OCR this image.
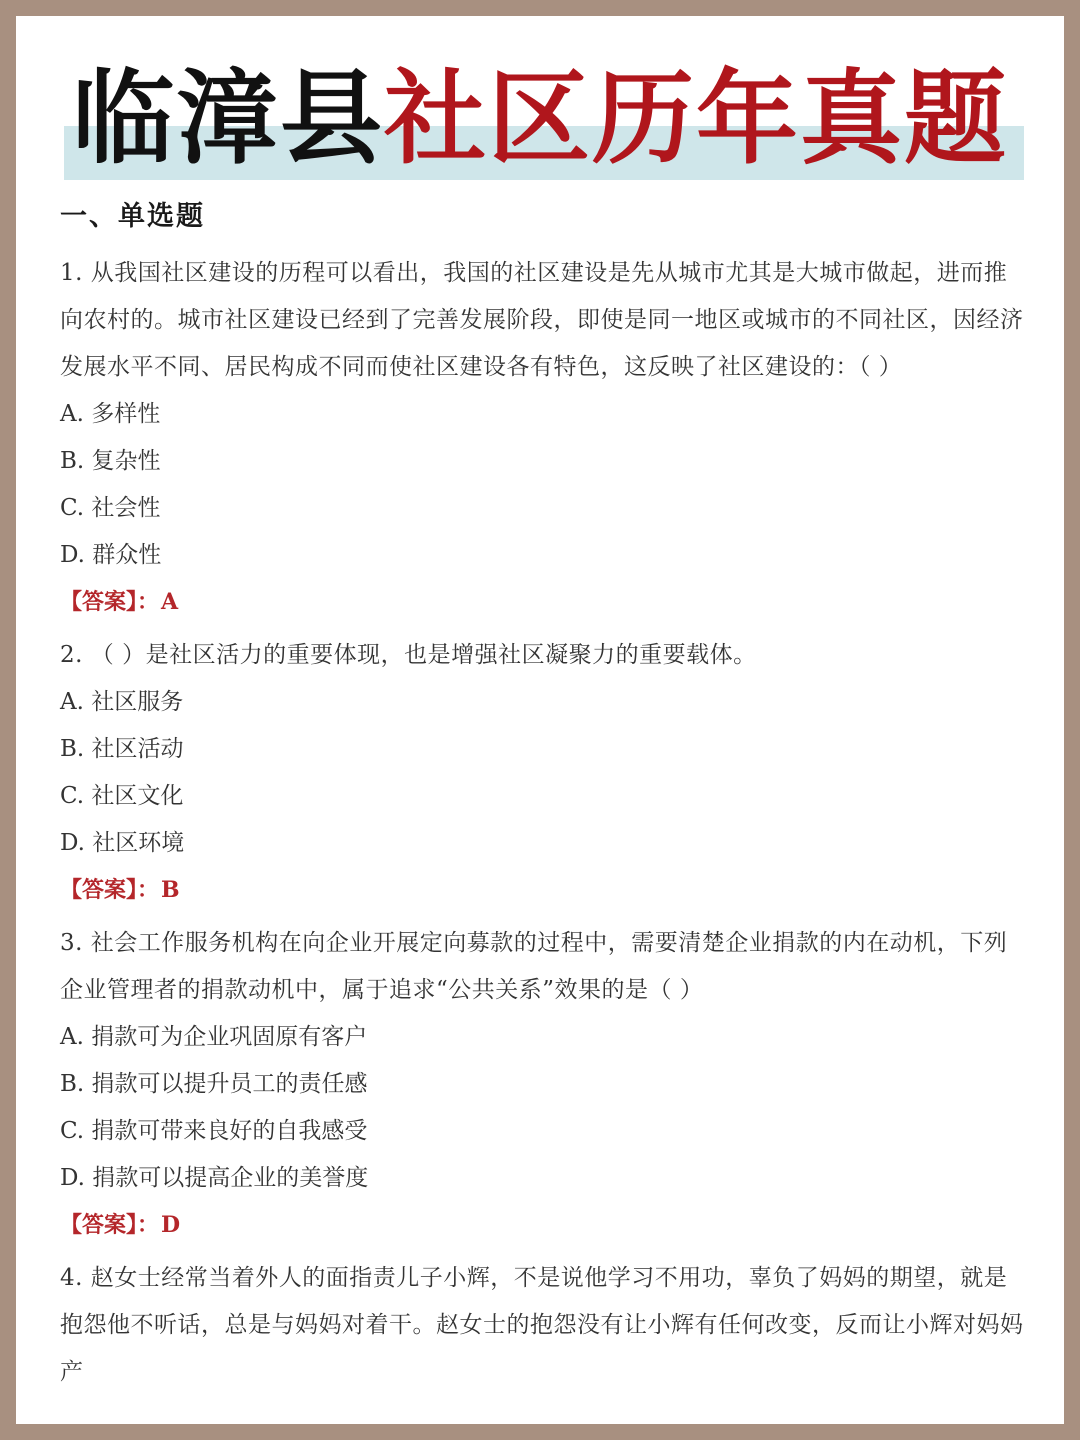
临漳县社区历年真题
一、单选题
1. 从我国社区建设的历程可以看出，我国的社区建设是先从城市尤其是大城市做起，进而推向农村的。城市社区建设已经到了完善发展阶段，即使是同一地区或城市的不同社区，因经济发展水平不同、居民构成不同而使社区建设各有特色，这反映了社区建设的：（ ）
A. 多样性
B. 复杂性
C. 社会性
D. 群众性
【答案】：A
2. （ ）是社区活力的重要体现，也是增强社区凝聚力的重要载体。
A. 社区服务
B. 社区活动
C. 社区文化
D. 社区环境
【答案】：B
3. 社会工作服务机构在向企业开展定向募款的过程中，需要清楚企业捐款的内在动机，下列企业管理者的捐款动机中，属于追求“公共关系”效果的是（ ）
A. 捐款可为企业巩固原有客户
B. 捐款可以提升员工的责任感
C. 捐款可带来良好的自我感受
D. 捐款可以提高企业的美誉度
【答案】：D
4. 赵女士经常当着外人的面指责儿子小辉，不是说他学习不用功，辜负了妈妈的期望，就是抱怨他不听话，总是与妈妈对着干。赵女士的抱怨没有让小辉有任何改变，反而让小辉对妈妈产
